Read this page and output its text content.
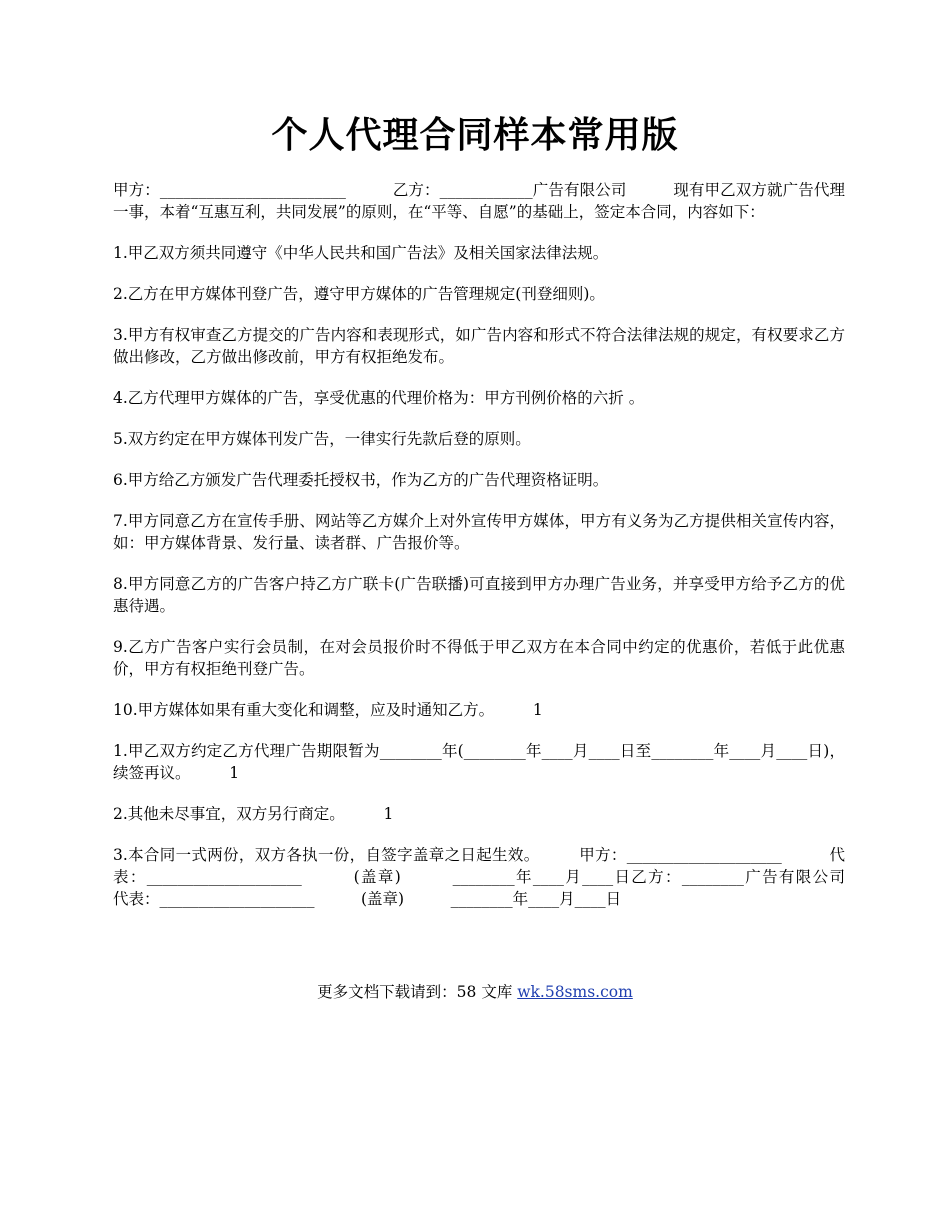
个人代理合同样本常用版

甲方：________________________　　　乙方：____________广告有限公司　　　现有甲乙双方就广告代理一事，本着“互惠互利，共同发展”的原则，在“平等、自愿”的基础上，签定本合同，内容如下：

1.甲乙双方须共同遵守《中华人民共和国广告法》及相关国家法律法规。

2.乙方在甲方媒体刊登广告，遵守甲方媒体的广告管理规定(刊登细则)。

3.甲方有权审查乙方提交的广告内容和表现形式，如广告内容和形式不符合法律法规的规定，有权要求乙方做出修改，乙方做出修改前，甲方有权拒绝发布。

4.乙方代理甲方媒体的广告，享受优惠的代理价格为：甲方刊例价格的六折 。

5.双方约定在甲方媒体刊发广告，一律实行先款后登的原则。

6.甲方给乙方颁发广告代理委托授权书，作为乙方的广告代理资格证明。

7.甲方同意乙方在宣传手册、网站等乙方媒介上对外宣传甲方媒体，甲方有义务为乙方提供相关宣传内容，如：甲方媒体背景、发行量、读者群、广告报价等。

8.甲方同意乙方的广告客户持乙方广联卡(广告联播)可直接到甲方办理广告业务，并享受甲方给予乙方的优惠待遇。

9.乙方广告客户实行会员制，在对会员报价时不得低于甲乙双方在本合同中约定的优惠价，若低于此优惠价，甲方有权拒绝刊登广告。

10.甲方媒体如果有重大变化和调整，应及时通知乙方。　　　1

1.甲乙双方约定乙方代理广告期限暂为________年(________年____月____日至________年____月____日)，续签再议。　　　1

2.其他未尽事宜，双方另行商定。　　　1

3.本合同一式两份，双方各执一份，自签字盖章之日起生效。　　　甲方：____________________　　　代表：____________________　　　(盖章)　　　________年____月____日乙方：________广告有限公司　　　代表：____________________　　　(盖章)　　　________年____月____日

更多文档下载请到：58 文库 wk.58sms.com
